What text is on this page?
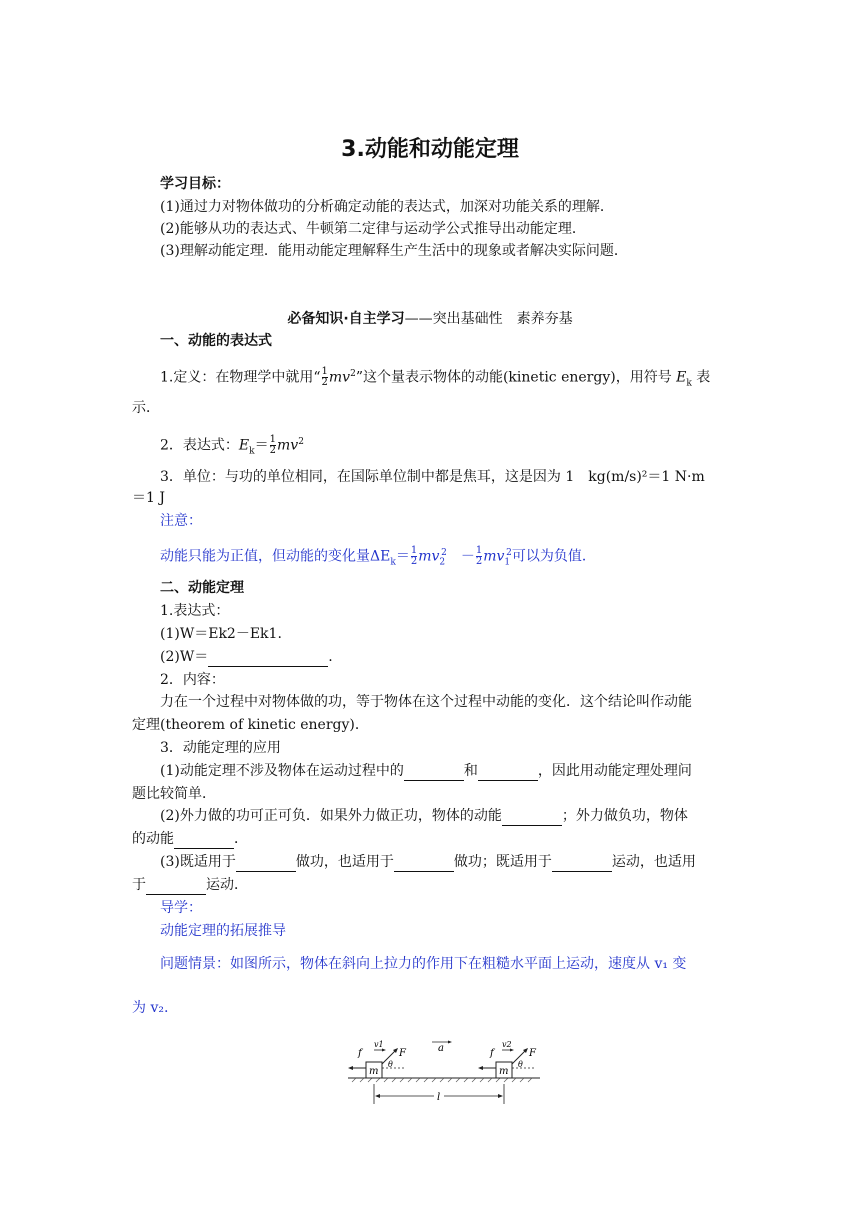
3.动能和动能定理
学习目标：
(1)通过力对物体做功的分析确定动能的表达式，加深对功能关系的理解．
(2)能够从功的表达式、牛顿第二定律与运动学公式推导出动能定理．
(3)理解动能定理．能用动能定理解释生产生活中的现象或者解决实际问题．
必备知识·自主学习——突出基础性　素养夯基
一、动能的表达式
1.定义：在物理学中就用“ $\frac{1}{2} mv^2$”这个量表示物体的动能(kinetic energy)，用符号 $E_k$ 表
示．
2．表达式：$E_k= \frac{1}{2} mv^2$
3．单位：与功的单位相同，在国际单位制中都是焦耳，这是因为 1　kg(m/s)²＝1 N·m
＝1 J
注意：
动能只能为正值，但动能的变化量$\Delta E_k= \frac{1}{2} mv_2^2$　－ $\frac{1}{2} mv_1^2$可以为负值．
二、动能定理
1.表达式：
(1)W＝Ek2－Ek1.
(2)W＝	.
2．内容：
力在一个过程中对物体做的功，等于物体在这个过程中动能的变化．这个结论叫作动能
定理(theorem of kinetic energy)．
3．动能定理的应用
(1)动能定理不涉及物体在运动过程中的	和	，因此用动能定理处理问
题比较简单．
(2)外力做的功可正可负．如果外力做正功，物体的动能	；外力做负功，物体
的动能	．
(3)既适用于	做功，也适用于	做功；既适用于	运动，也适用
于	运动．
导学：
动能定理的拓展推导
问题情景：如图所示，物体在斜向上拉力的作用下在粗糙水平面上运动，速度从 v₁ 变
为 v₂.
m
f
v1
F
θ
a
m
f
v2
F
θ
l
